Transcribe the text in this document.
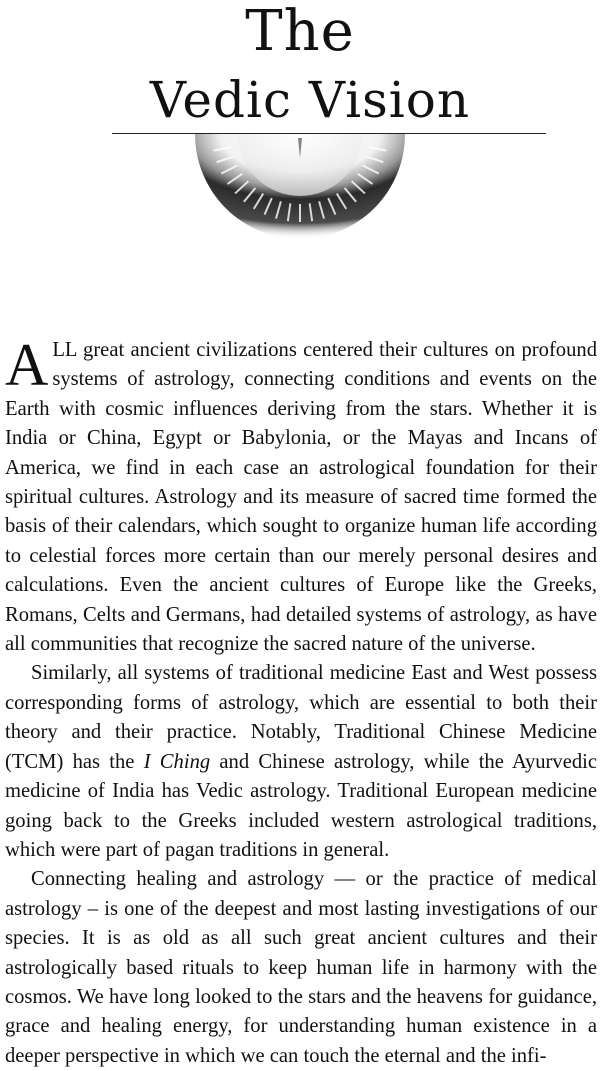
The
Vedic Vision

ALL great ancient civilizations centered their cultures on profound systems of astrology, connecting conditions and events on the Earth with cosmic influences deriving from the stars. Whether it is India or China, Egypt or Babylonia, or the Mayas and Incans of America, we find in each case an astrological foundation for their spiritual cultures. Astrology and its measure of sacred time formed the basis of their calendars, which sought to organize human life according to celestial forces more certain than our merely personal desires and calculations. Even the ancient cultures of Europe like the Greeks, Romans, Celts and Germans, had detailed systems of astrology, as have all communities that recognize the sacred nature of the universe.

Similarly, all systems of traditional medicine East and West possess corresponding forms of astrology, which are essential to both their theory and their practice. Notably, Traditional Chinese Medicine (TCM) has the I Ching and Chinese astrology, while the Ayurvedic medicine of India has Vedic astrology. Traditional European medicine going back to the Greeks included western astrological traditions, which were part of pagan traditions in general.

Connecting healing and astrology — or the practice of medical astrology – is one of the deepest and most lasting investigations of our species. It is as old as all such great ancient cultures and their astrologically based rituals to keep human life in harmony with the cosmos. We have long looked to the stars and the heavens for guidance, grace and healing energy, for understanding human existence in a deeper perspective in which we can touch the eternal and the infi-
